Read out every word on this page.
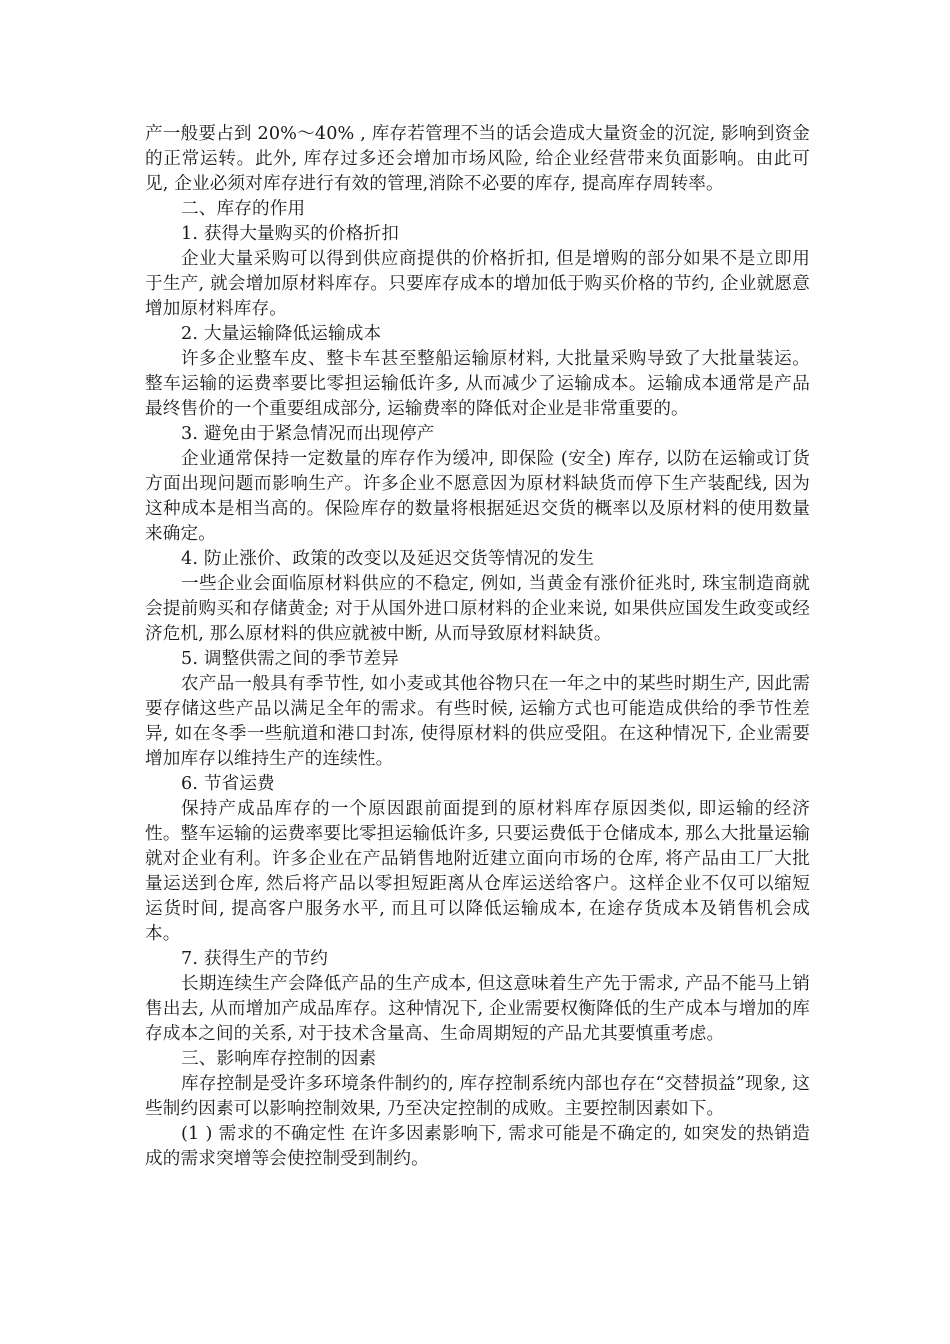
产一般要占到 20%～40% , 库存若管理不当的话会造成大量资金的沉淀, 影响到资金的正常运转。此外, 库存过多还会增加市场风险, 给企业经营带来负面影响。由此可见, 企业必须对库存进行有效的管理,消除不必要的库存, 提高库存周转率。

二、库存的作用

1. 获得大量购买的价格折扣

企业大量采购可以得到供应商提供的价格折扣, 但是增购的部分如果不是立即用于生产, 就会增加原材料库存。只要库存成本的增加低于购买价格的节约, 企业就愿意增加原材料库存。

2. 大量运输降低运输成本

许多企业整车皮、整卡车甚至整船运输原材料, 大批量采购导致了大批量装运。整车运输的运费率要比零担运输低许多, 从而减少了运输成本。运输成本通常是产品最终售价的一个重要组成部分, 运输费率的降低对企业是非常重要的。

3. 避免由于紧急情况而出现停产

企业通常保持一定数量的库存作为缓冲, 即保险 (安全) 库存, 以防在运输或订货方面出现问题而影响生产。许多企业不愿意因为原材料缺货而停下生产装配线, 因为这种成本是相当高的。保险库存的数量将根据延迟交货的概率以及原材料的使用数量来确定。

4. 防止涨价、政策的改变以及延迟交货等情况的发生

一些企业会面临原材料供应的不稳定, 例如, 当黄金有涨价征兆时, 珠宝制造商就会提前购买和存储黄金; 对于从国外进口原材料的企业来说, 如果供应国发生政变或经济危机, 那么原材料的供应就被中断, 从而导致原材料缺货。

5. 调整供需之间的季节差异

农产品一般具有季节性, 如小麦或其他谷物只在一年之中的某些时期生产, 因此需要存储这些产品以满足全年的需求。有些时候, 运输方式也可能造成供给的季节性差异, 如在冬季一些航道和港口封冻, 使得原材料的供应受阻。在这种情况下, 企业需要增加库存以维持生产的连续性。

6. 节省运费

保持产成品库存的一个原因跟前面提到的原材料库存原因类似, 即运输的经济性。整车运输的运费率要比零担运输低许多, 只要运费低于仓储成本, 那么大批量运输就对企业有利。许多企业在产品销售地附近建立面向市场的仓库, 将产品由工厂大批量运送到仓库, 然后将产品以零担短距离从仓库运送给客户。这样企业不仅可以缩短运货时间, 提高客户服务水平, 而且可以降低运输成本, 在途存货成本及销售机会成本。

7. 获得生产的节约

长期连续生产会降低产品的生产成本, 但这意味着生产先于需求, 产品不能马上销售出去, 从而增加产成品库存。这种情况下, 企业需要权衡降低的生产成本与增加的库存成本之间的关系, 对于技术含量高、生命周期短的产品尤其要慎重考虑。

三、影响库存控制的因素

库存控制是受许多环境条件制约的, 库存控制系统内部也存在“交替损益”现象, 这些制约因素可以影响控制效果, 乃至决定控制的成败。主要控制因素如下。

(1 ) 需求的不确定性 在许多因素影响下, 需求可能是不确定的, 如突发的热销造成的需求突增等会使控制受到制约。
